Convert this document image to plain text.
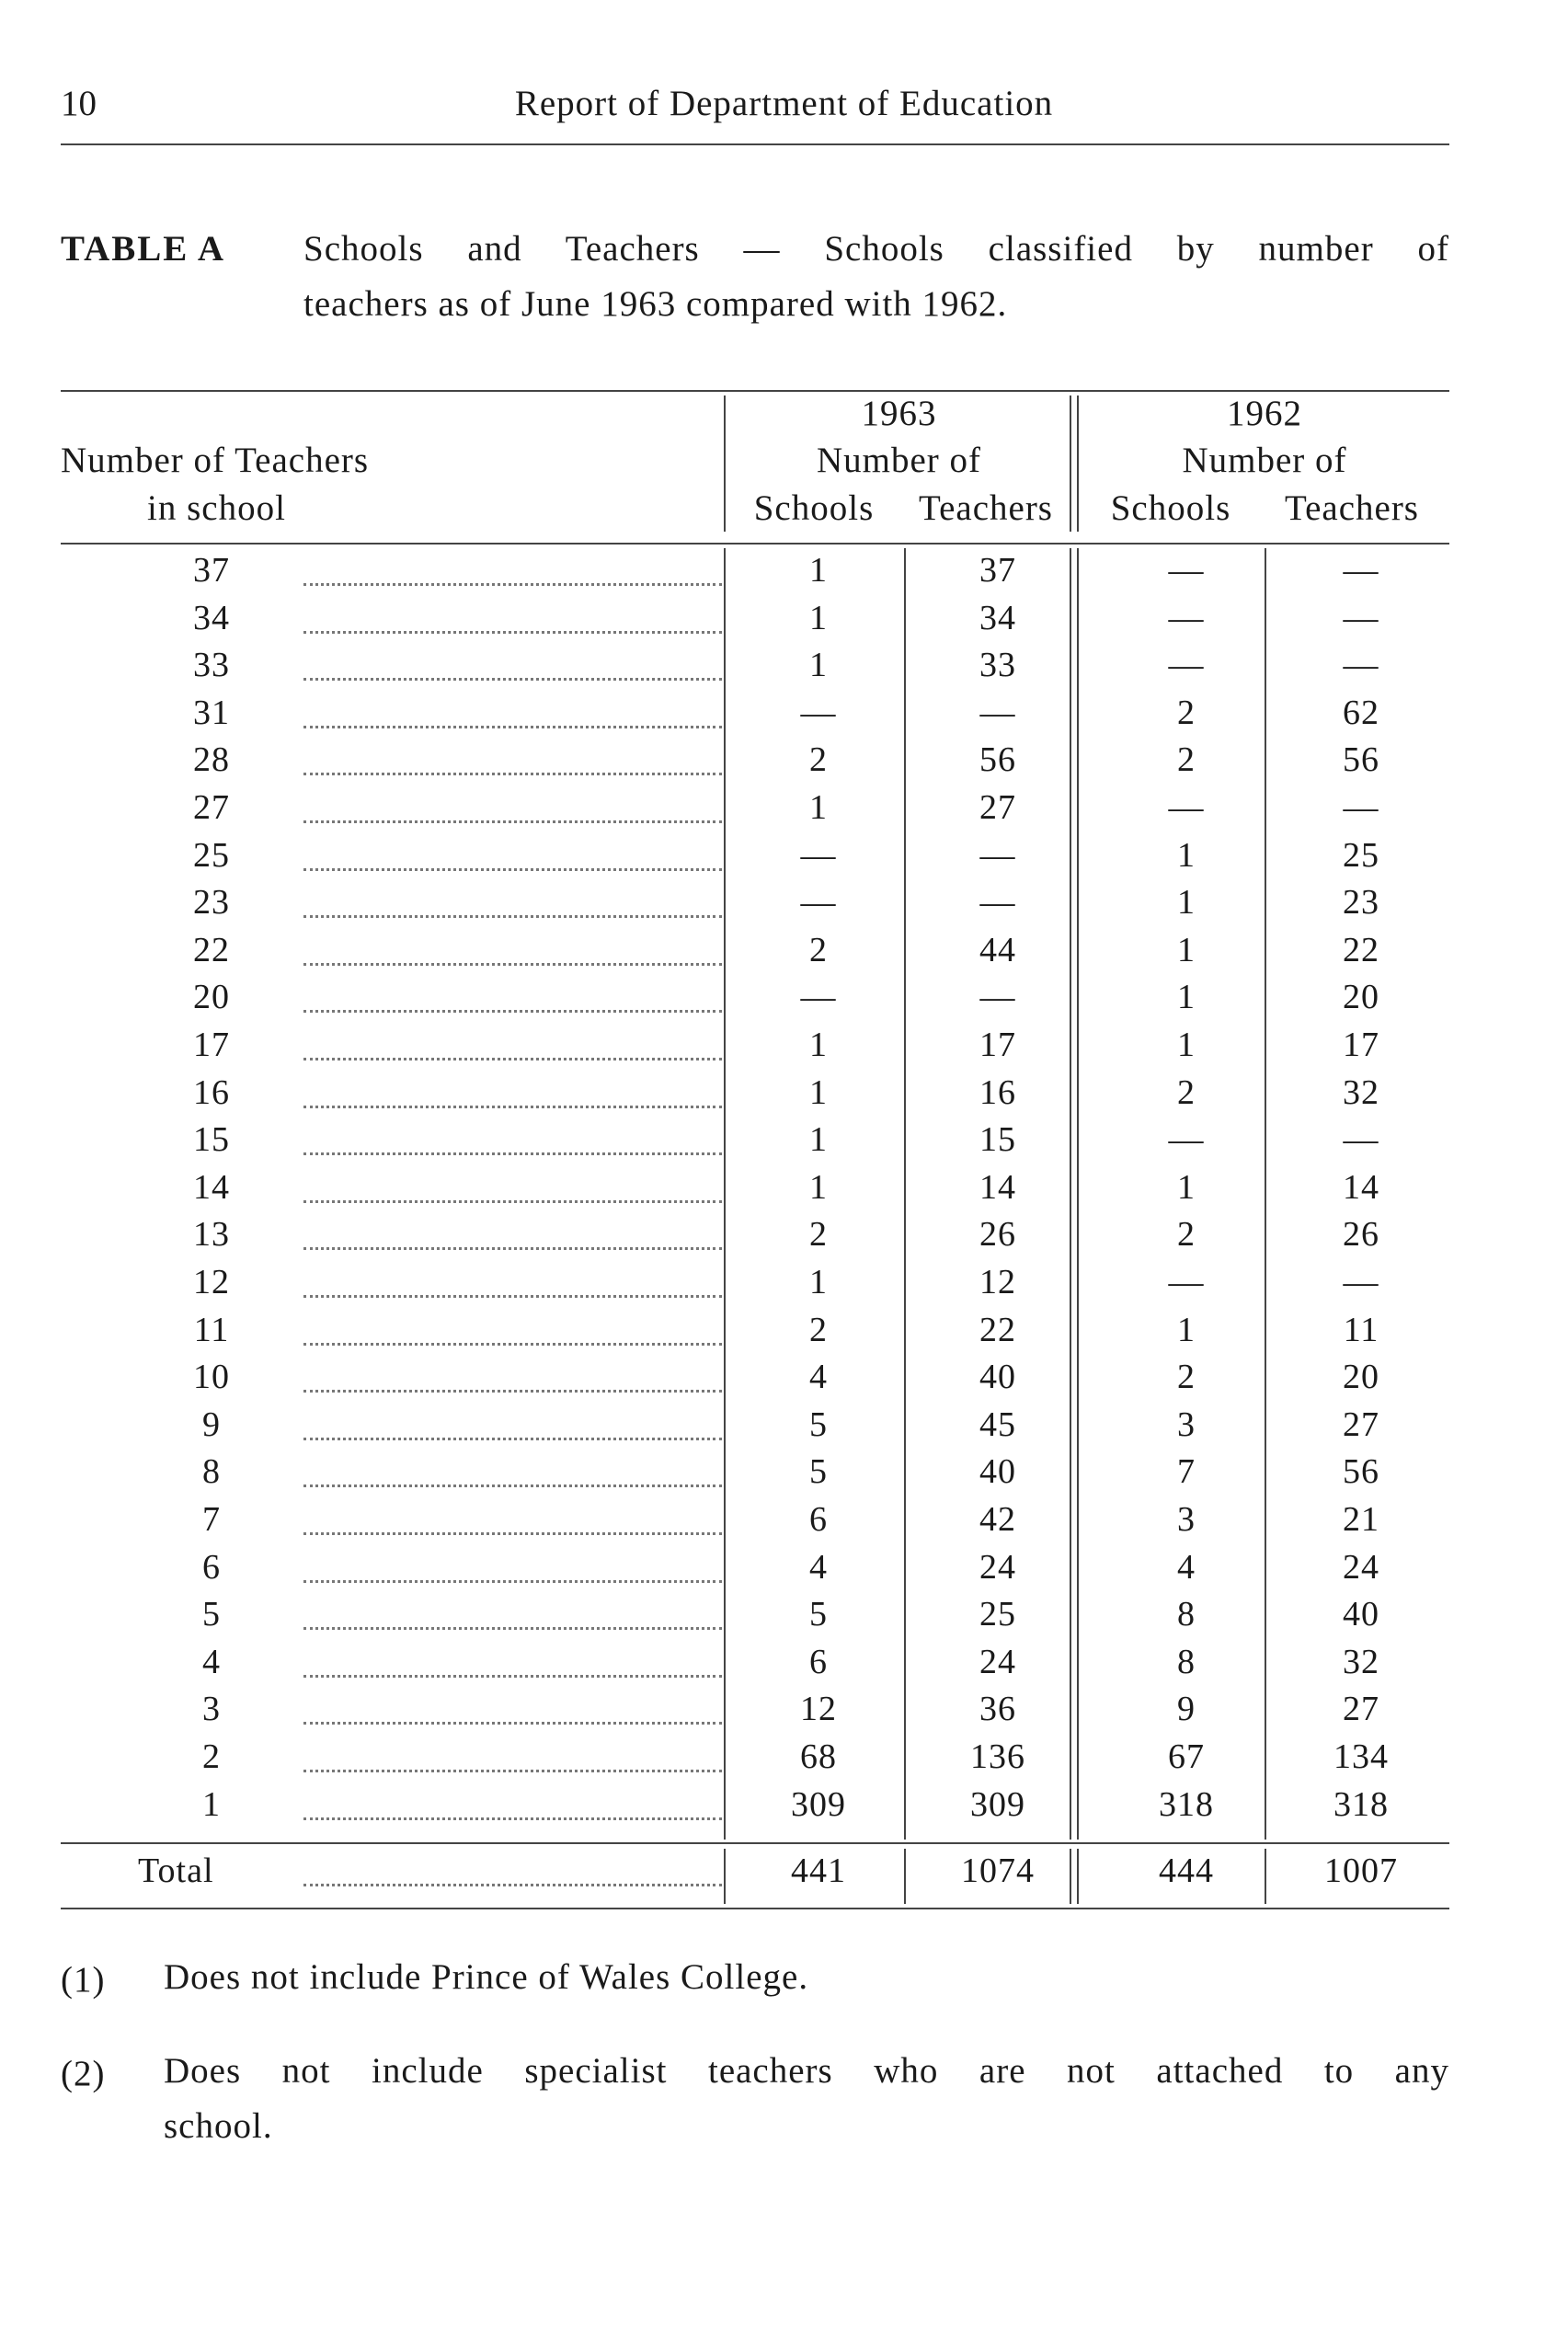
10	Report of Department of Education
TABLE A Schools and Teachers — Schools classified by number of
teachers as of June 1963 compared with 1962.
Number of Teachers
in school
1963
Number of
Schools	Teachers
1962
Number of
Schools	Teachers
37	1	37	—	—
34	1	34	—	—
33	1	33	—	—
31	—	—	2	62
28	2	56	2	56
27	1	27	—	—
25	—	—	1	25
23	—	—	1	23
22	2	44	1	22
20	—	—	1	20
17	1	17	1	17
16	1	16	2	32
15	1	15	—	—
14	1	14	1	14
13	2	26	2	26
12	1	12	—	—
11	2	22	1	11
10	4	40	2	20
9	5	45	3	27
8	5	40	7	56
7	6	42	3	21
6	4	24	4	24
5	5	25	8	40
4	6	24	8	32
3	12	36	9	27
2	68	136	67	134
1	309	309	318	318
Total	441	1074	444	1007
(1) Does not include Prince of Wales College.
(2) Does not include specialist teachers who are not attached to any
school.
